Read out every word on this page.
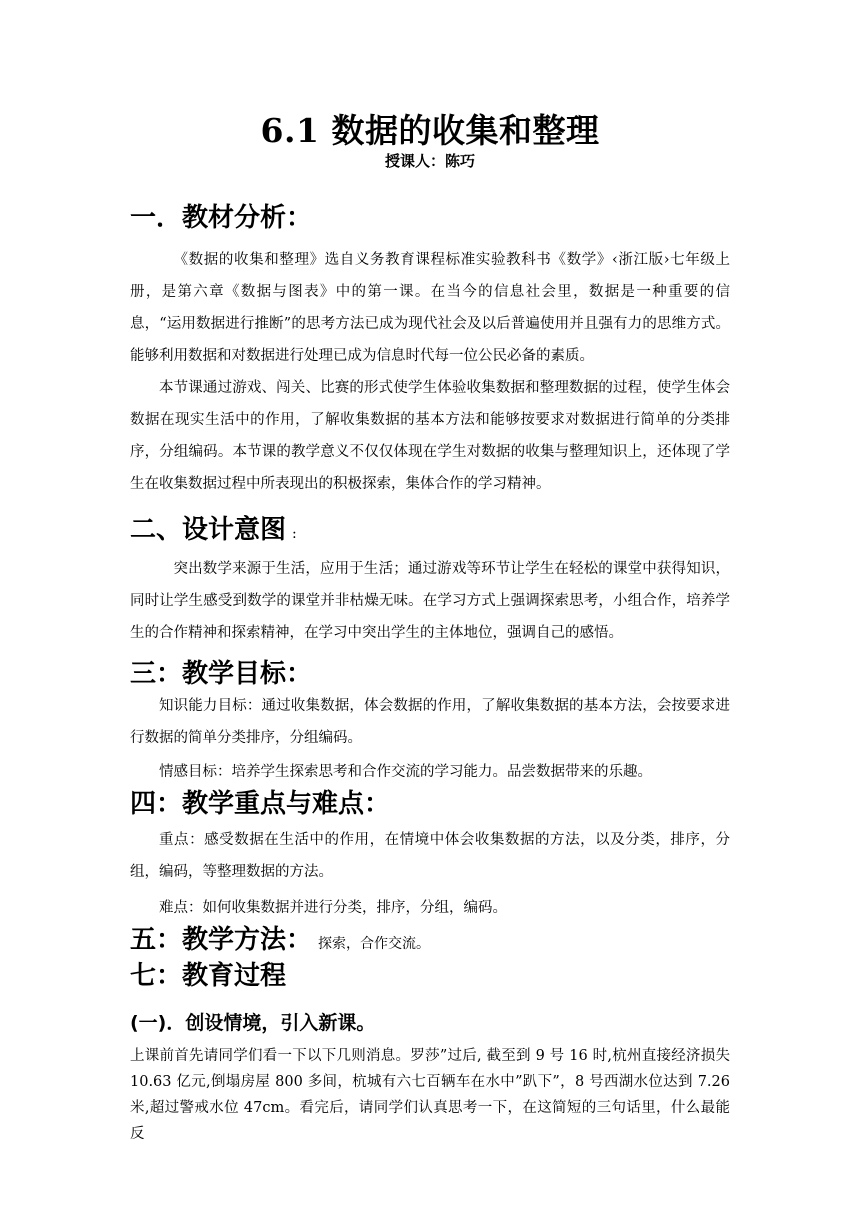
6.1 数据的收集和整理
授课人：陈巧
一．教材分析：
《数据的收集和整理》选自义务教育课程标准实验教科书《数学》‹浙江版›七年级上册，是第六章《数据与图表》中的第一课。在当今的信息社会里，数据是一种重要的信息，“运用数据进行推断”的思考方法已成为现代社会及以后普遍使用并且强有力的思维方式。能够利用数据和对数据进行处理已成为信息时代每一位公民必备的素质。
本节课通过游戏、闯关、比赛的形式使学生体验收集数据和整理数据的过程，使学生体会数据在现实生活中的作用，了解收集数据的基本方法和能够按要求对数据进行简单的分类排序，分组编码。本节课的教学意义不仅仅体现在学生对数据的收集与整理知识上，还体现了学生在收集数据过程中所表现出的积极探索，集体合作的学习精神。
二、设计意图 :
突出数学来源于生活，应用于生活；通过游戏等环节让学生在轻松的课堂中获得知识，同时让学生感受到数学的课堂并非枯燥无味。在学习方式上强调探索思考，小组合作，培养学生的合作精神和探索精神，在学习中突出学生的主体地位，强调自己的感悟。
三：教学目标：
知识能力目标：通过收集数据，体会数据的作用，了解收集数据的基本方法，会按要求进行数据的简单分类排序，分组编码。
情感目标：培养学生探索思考和合作交流的学习能力。品尝数据带来的乐趣。
四：教学重点与难点：
重点：感受数据在生活中的作用，在情境中体会收集数据的方法，以及分类，排序，分组，编码，等整理数据的方法。
难点：如何收集数据并进行分类，排序，分组，编码。
五：教学方法： 探索，合作交流。
七：教育过程
(一)．创设情境，引入新课。
上课前首先请同学们看一下以下几则消息。罗莎”过后, 截至到 9 号 16 时,杭州直接经济损失 10.63 亿元,倒塌房屋 800 多间，杭城有六七百辆车在水中”趴下”，8 号西湖水位达到 7.26 米,超过警戒水位 47cm。看完后，请同学们认真思考一下，在这简短的三句话里，什么最能反
